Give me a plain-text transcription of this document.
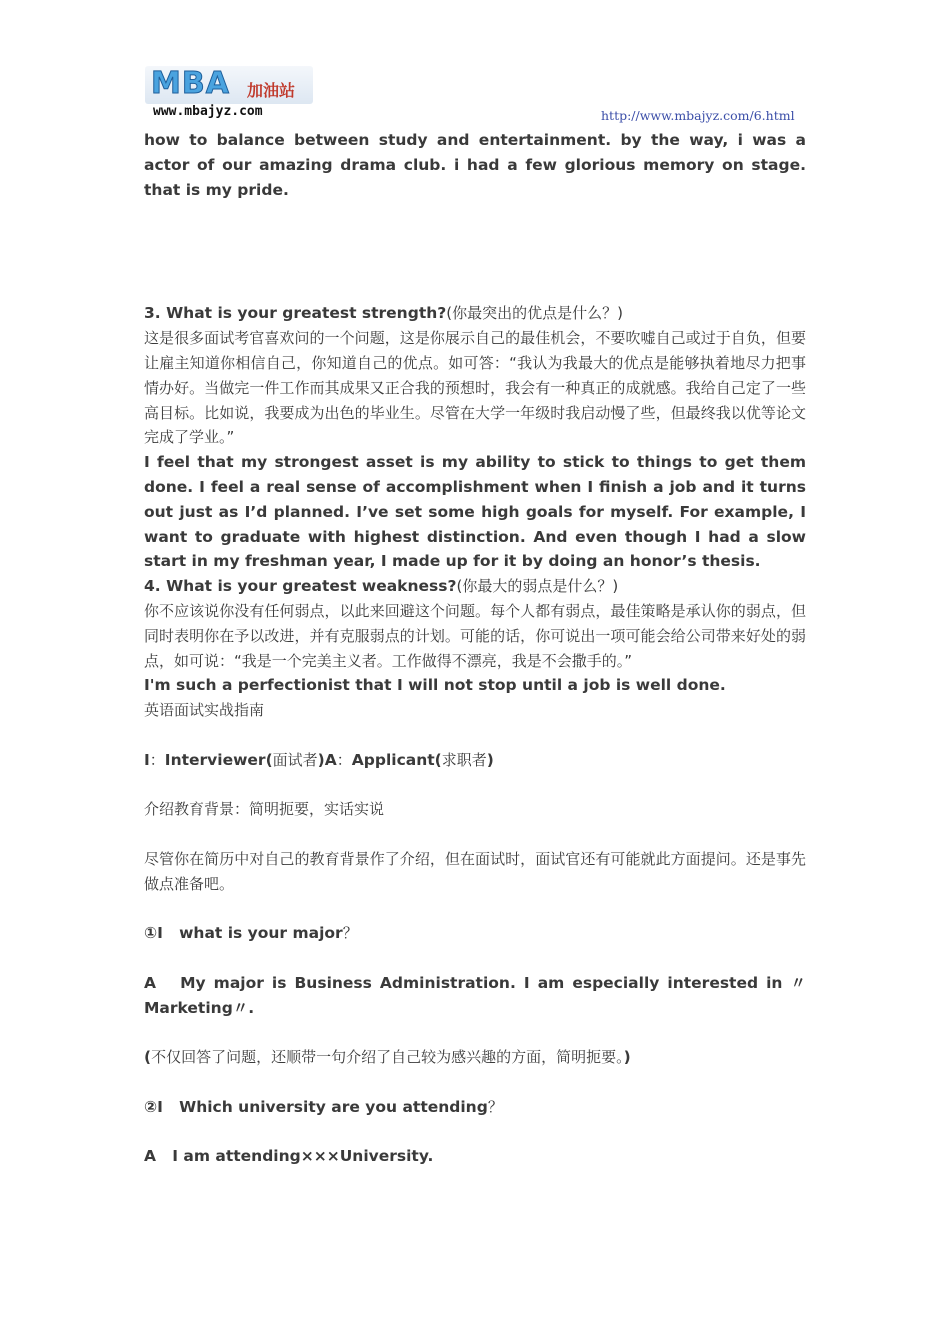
MBA 加油站
www.mbajyz.com	http://www.mbajyz.com/6.html

how to balance between study and entertainment. by the way, i was a actor of our amazing drama club. i had a few glorious memory on stage. that is my pride.

3. What is your greatest strength?(你最突出的优点是什么？)

这是很多面试考官喜欢问的一个问题，这是你展示自己的最佳机会，不要吹嘘自己或过于自负，但要让雇主知道你相信自己，你知道自己的优点。如可答：“我认为我最大的优点是能够执着地尽力把事情办好。当做完一件工作而其成果又正合我的预想时，我会有一种真正的成就感。我给自己定了一些高目标。比如说，我要成为出色的毕业生。尽管在大学一年级时我启动慢了些，但最终我以优等论文完成了学业。”

I feel that my strongest asset is my ability to stick to things to get them done. I feel a real sense of accomplishment when I finish a job and it turns out just as I’d planned. I’ve set some high goals for myself. For example, I want to graduate with highest distinction. And even though I had a slow start in my freshman year, I made up for it by doing an honor’s thesis.

4. What is your greatest weakness?(你最大的弱点是什么？)

你不应该说你没有任何弱点，以此来回避这个问题。每个人都有弱点，最佳策略是承认你的弱点，但同时表明你在予以改进，并有克服弱点的计划。可能的话，你可说出一项可能会给公司带来好处的弱点，如可说：“我是一个完美主义者。工作做得不漂亮，我是不会撒手的。”

I'm such a perfectionist that I will not stop until a job is well done.

英语面试实战指南

I：Interviewer(面试者)A：Applicant(求职者)

介绍教育背景：简明扼要，实话实说

尽管你在简历中对自己的教育背景作了介绍，但在面试时，面试官还有可能就此方面提问。还是事先做点准备吧。

①I what is your major？

A My major is Business Administration. I am especially interested in 〃Marketing〃.

(不仅回答了问题，还顺带一句介绍了自己较为感兴趣的方面，简明扼要。)

②I Which university are you attending？

A I am attending×××University.
